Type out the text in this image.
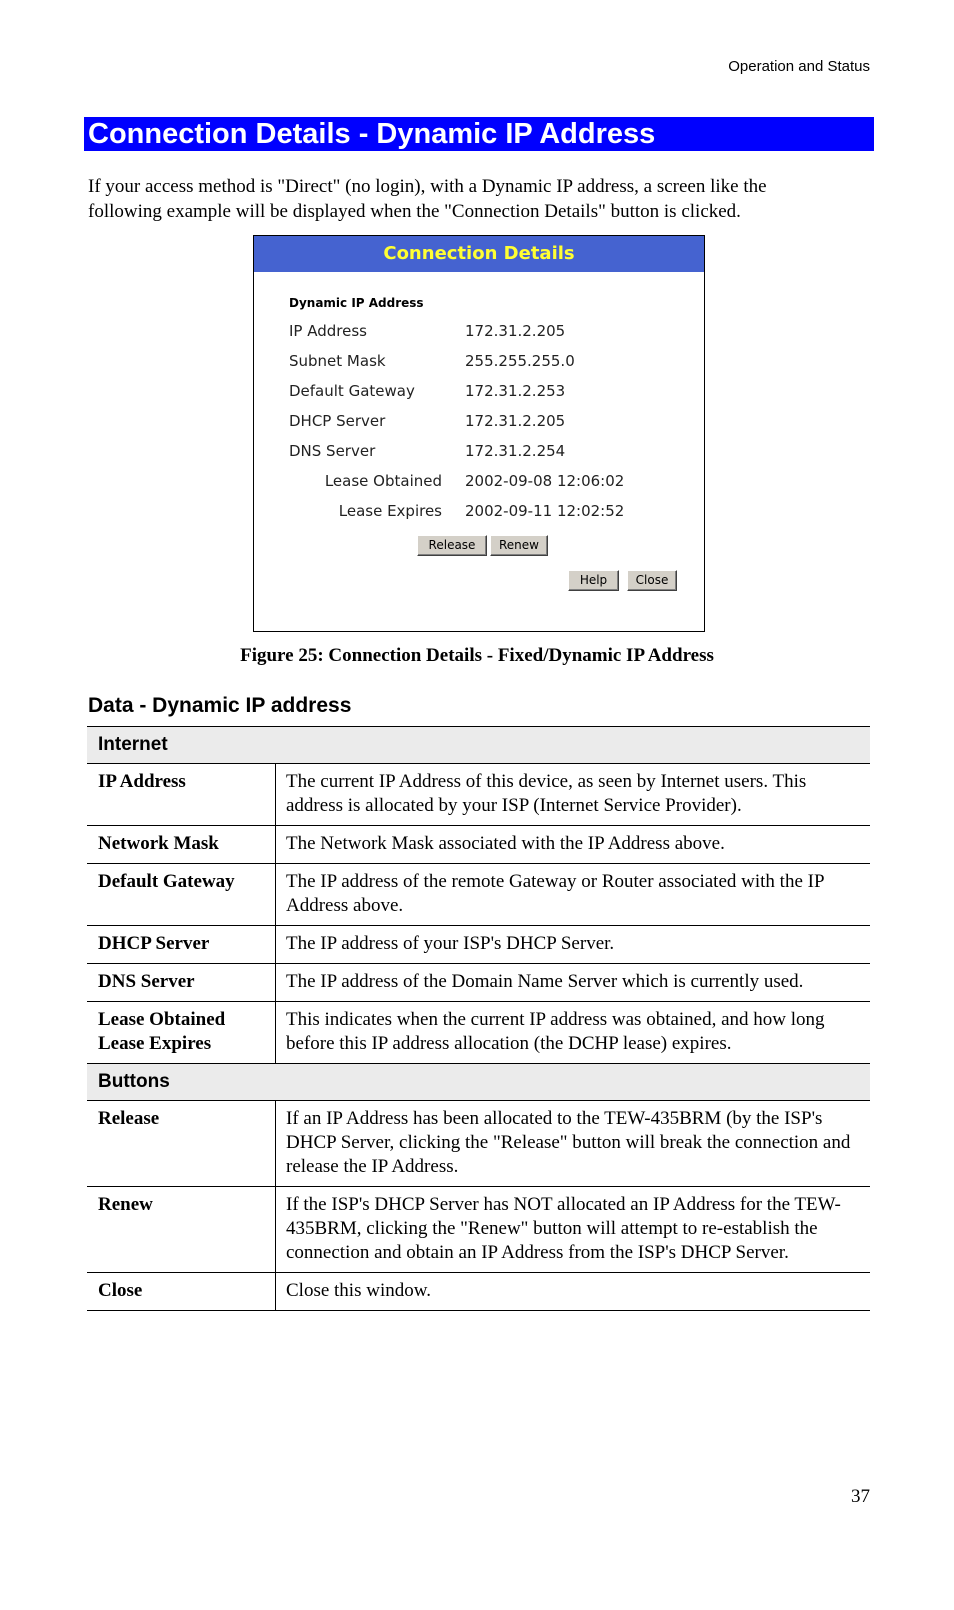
Operation and Status
Connection Details - Dynamic IP Address
If your access method is "Direct" (no login), with a Dynamic IP address, a screen like the
following example will be displayed when the "Connection Details" button is clicked.
Connection Details
Dynamic IP Address
IP Address	172.31.2.205
Subnet Mask	255.255.255.0
Default Gateway	172.31.2.253
DHCP Server	172.31.2.205
DNS Server	172.31.2.254
Lease Obtained 2002-09-08 12:06:02
Lease Expires 2002-09-11 12:02:52
Release	Renew
Help	Close
Figure 25: Connection Details - Fixed/Dynamic IP Address
Data - Dynamic IP address
Internet	
IP Address	The current IP Address of this device, as seen by Internet users. This address is allocated by your ISP (Internet Service Provider).
Network Mask	The Network Mask associated with the IP Address above.
Default Gateway	The IP address of the remote Gateway or Router associated with the IP Address above.
DHCP Server	The IP address of your ISP's DHCP Server.
DNS Server	The IP address of the Domain Name Server which is currently used.

Lease Obtained
Lease Expires	This indicates when the current IP address was obtained, and how long before this IP address allocation (the DCHP lease) expires.
Buttons	
Release	If an IP Address has been allocated to the TEW-435BRM (by the ISP's DHCP Server, clicking the "Release" button will break the connection and release the IP Address.
Renew	If the ISP's DHCP Server has NOT allocated an IP Address for the TEW-435BRM, clicking the "Renew" button will attempt to re-establish the connection and obtain an IP Address from the ISP's DHCP Server.
Close	Close this window.
37
